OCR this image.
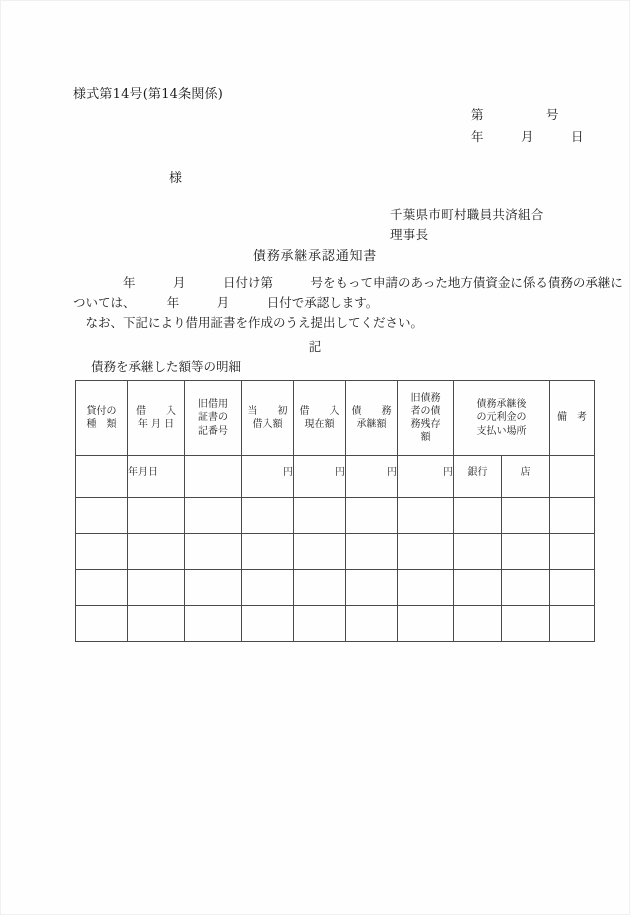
様式第14号(第14条関係)
第　　　　　号
年　　　月　　　日
様
千葉県市町村職員共済組合
理事長
債務承継承認通知書
　　　　年　　　月　　　日付け第　　　号をもって申請のあった地方債資金に係る債務の承継に
ついては、　　　年　　　月　　　日付で承認します。
　なお、下記により借用証書を作成のうえ提出してください。
記
債務を承継した額等の明細
貸付の
種　類	借　　入
年 月 日	旧借用
証書の
記番号	当　　初
借入額	借　　入
現在額	債　　務
承継額	旧債務
者の債
務残存
額	債務承継後
の元利金の
支払い場所		備　考

	年月日		円	円	円	円	銀行	店	
